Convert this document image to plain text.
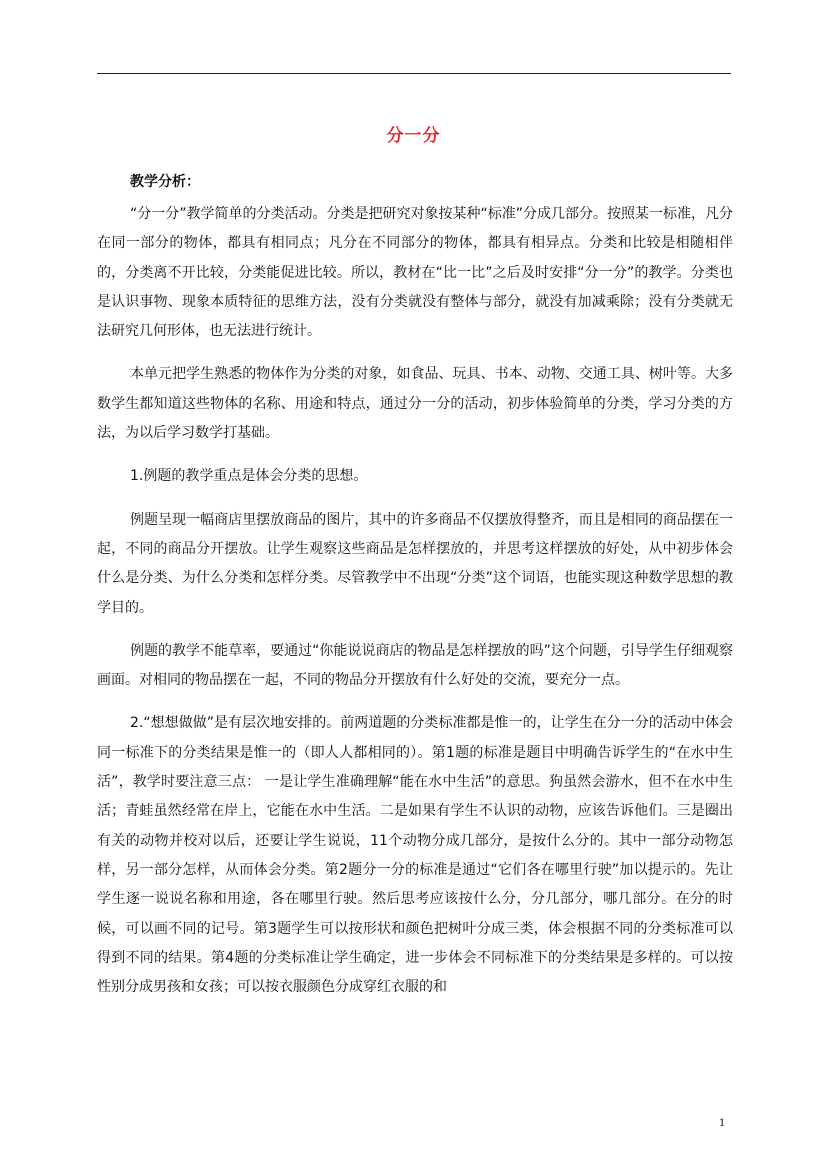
分一分
教学分析：

“分一分”教学简单的分类活动。分类是把研究对象按某种“标准”分成几部分。按照某一标准，凡分在同一部分的物体，都具有相同点；凡分在不同部分的物体，都具有相异点。分类和比较是相随相伴的，分类离不开比较，分类能促进比较。所以，教材在“比一比”之后及时安排“分一分”的教学。分类也是认识事物、现象本质特征的思维方法，没有分类就没有整体与部分，就没有加减乘除；没有分类就无法研究几何形体，也无法进行统计。

本单元把学生熟悉的物体作为分类的对象，如食品、玩具、书本、动物、交通工具、树叶等。大多数学生都知道这些物体的名称、用途和特点，通过分一分的活动，初步体验简单的分类，学习分类的方法，为以后学习数学打基础。

1.例题的教学重点是体会分类的思想。

例题呈现一幅商店里摆放商品的图片，其中的许多商品不仅摆放得整齐，而且是相同的商品摆在一起，不同的商品分开摆放。让学生观察这些商品是怎样摆放的，并思考这样摆放的好处，从中初步体会什么是分类、为什么分类和怎样分类。尽管教学中不出现“分类”这个词语，也能实现这种数学思想的教学目的。

例题的教学不能草率，要通过“你能说说商店的物品是怎样摆放的吗”这个问题，引导学生仔细观察画面。对相同的物品摆在一起，不同的物品分开摆放有什么好处的交流，要充分一点。

2.“想想做做”是有层次地安排的。前两道题的分类标准都是惟一的，让学生在分一分的活动中体会同一标准下的分类结果是惟一的（即人人都相同的）。第1题的标准是题目中明确告诉学生的“在水中生活”，教学时要注意三点： 一是让学生准确理解“能在水中生活”的意思。狗虽然会游水，但不在水中生活；青蛙虽然经常在岸上，它能在水中生活。二是如果有学生不认识的动物，应该告诉他们。三是圈出有关的动物并校对以后，还要让学生说说，11个动物分成几部分，是按什么分的。其中一部分动物怎样，另一部分怎样，从而体会分类。第2题分一分的标准是通过“它们各在哪里行驶”加以提示的。先让学生逐一说说名称和用途，各在哪里行驶。然后思考应该按什么分，分几部分，哪几部分。在分的时候，可以画不同的记号。第3题学生可以按形状和颜色把树叶分成三类，体会根据不同的分类标准可以得到不同的结果。第4题的分类标准让学生确定，进一步体会不同标准下的分类结果是多样的。可以按性别分成男孩和女孩；可以按衣服颜色分成穿红衣服的和

1
